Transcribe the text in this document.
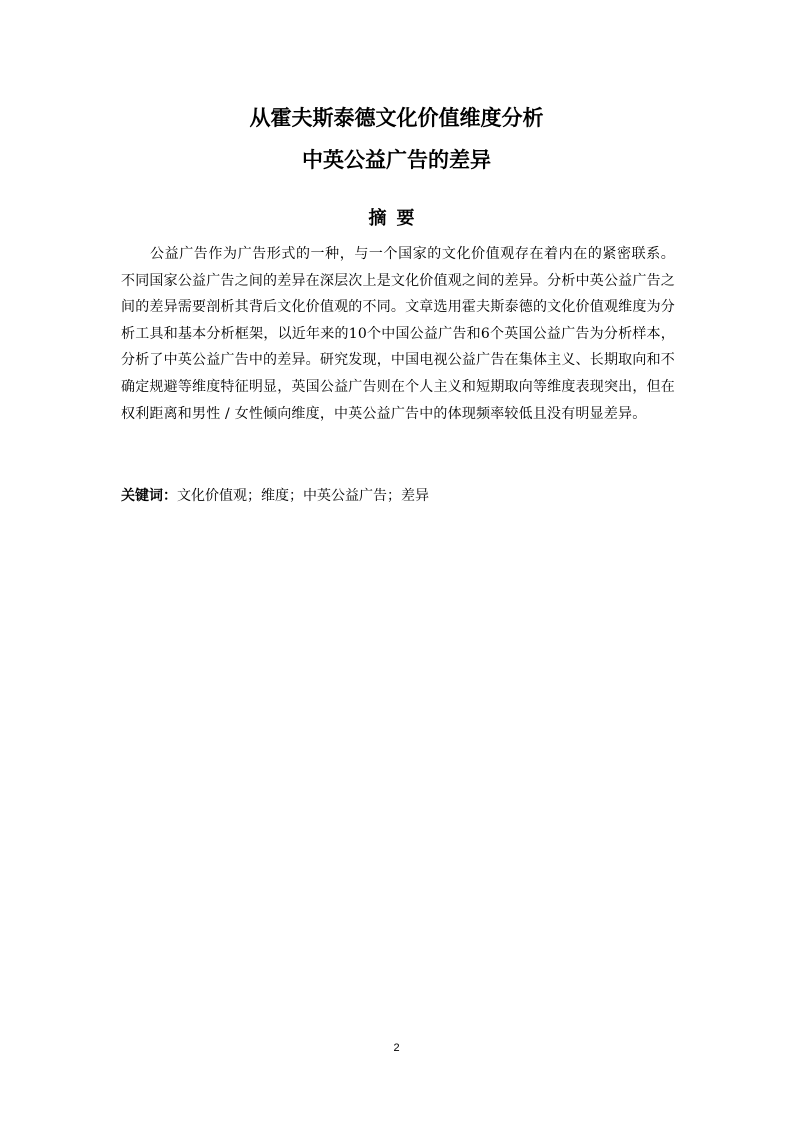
从霍夫斯泰德文化价值维度分析
中英公益广告的差异
摘要

公益广告作为广告形式的一种，与一个国家的文化价值观存在着内在的紧密联系。不同国家公益广告之间的差异在深层次上是文化价值观之间的差异。分析中英公益广告之间的差异需要剖析其背后文化价值观的不同。文章选用霍夫斯泰德的文化价值观维度为分析工具和基本分析框架，以近年来的10个中国公益广告和6个英国公益广告为分析样本，分析了中英公益广告中的差异。研究发现，中国电视公益广告在集体主义、长期取向和不确定规避等维度特征明显，英国公益广告则在个人主义和短期取向等维度表现突出，但在权利距离和男性 / 女性倾向维度，中英公益广告中的体现频率较低且没有明显差异。

关键词：文化价值观；维度；中英公益广告；差异

2
